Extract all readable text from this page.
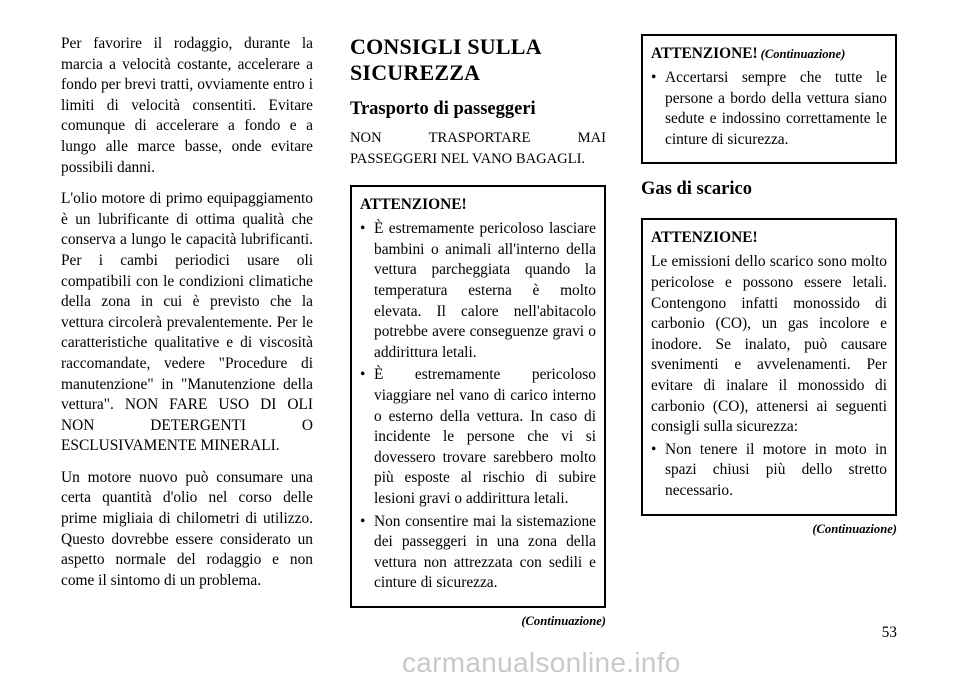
Per favorire il rodaggio, durante la marcia a velocità costante, accelerare a fondo per brevi tratti, ovviamente entro i limiti di velocità consentiti. Evitare comunque di accelerare a fondo e a lungo alle marce basse, onde evitare possibili danni.

L'olio motore di primo equipaggiamento è un lubrificante di ottima qualità che conserva a lungo le capacità lubrificanti. Per i cambi periodici usare oli compatibili con le condizioni climatiche della zona in cui è previsto che la vettura circolerà prevalentemente. Per le caratteristiche qualitative e di viscosità raccomandate, vedere "Procedure di manutenzione" in "Manutenzione della vettura". NON FARE USO DI OLI NON DETERGENTI O ESCLUSIVAMENTE MINERALI.

Un motore nuovo può consumare una certa quantità d'olio nel corso delle prime migliaia di chilometri di utilizzo. Questo dovrebbe essere considerato un aspetto normale del rodaggio e non come il sintomo di un problema.

CONSIGLI SULLA SICUREZZA
Trasporto di passeggeri

NON TRASPORTARE MAI PASSEGGERI NEL VANO BAGAGLI.

ATTENZIONE!
• È estremamente pericoloso lasciare bambini o animali all'interno della vettura parcheggiata quando la temperatura esterna è molto elevata. Il calore nell'abitacolo potrebbe avere conseguenze gravi o addirittura letali.
• È estremamente pericoloso viaggiare nel vano di carico interno o esterno della vettura. In caso di incidente le persone che vi si dovessero trovare sarebbero molto più esposte al rischio di subire lesioni gravi o addirittura letali.
• Non consentire mai la sistemazione dei passeggeri in una zona della vettura non attrezzata con sedili e cinture di sicurezza.
(Continuazione)
ATTENZIONE! (Continuazione)
• Accertarsi sempre che tutte le persone a bordo della vettura siano sedute e indossino correttamente le cinture di sicurezza.
Gas di scarico
ATTENZIONE!

Le emissioni dello scarico sono molto pericolose e possono essere letali. Contengono infatti monossido di carbonio (CO), un gas incolore e inodore. Se inalato, può causare svenimenti e avvelenamenti. Per evitare di inalare il monossido di carbonio (CO), attenersi ai seguenti consigli sulla sicurezza:

• Non tenere il motore in moto in spazi chiusi più dello stretto necessario.
(Continuazione)
53
carmanualsonline.info
